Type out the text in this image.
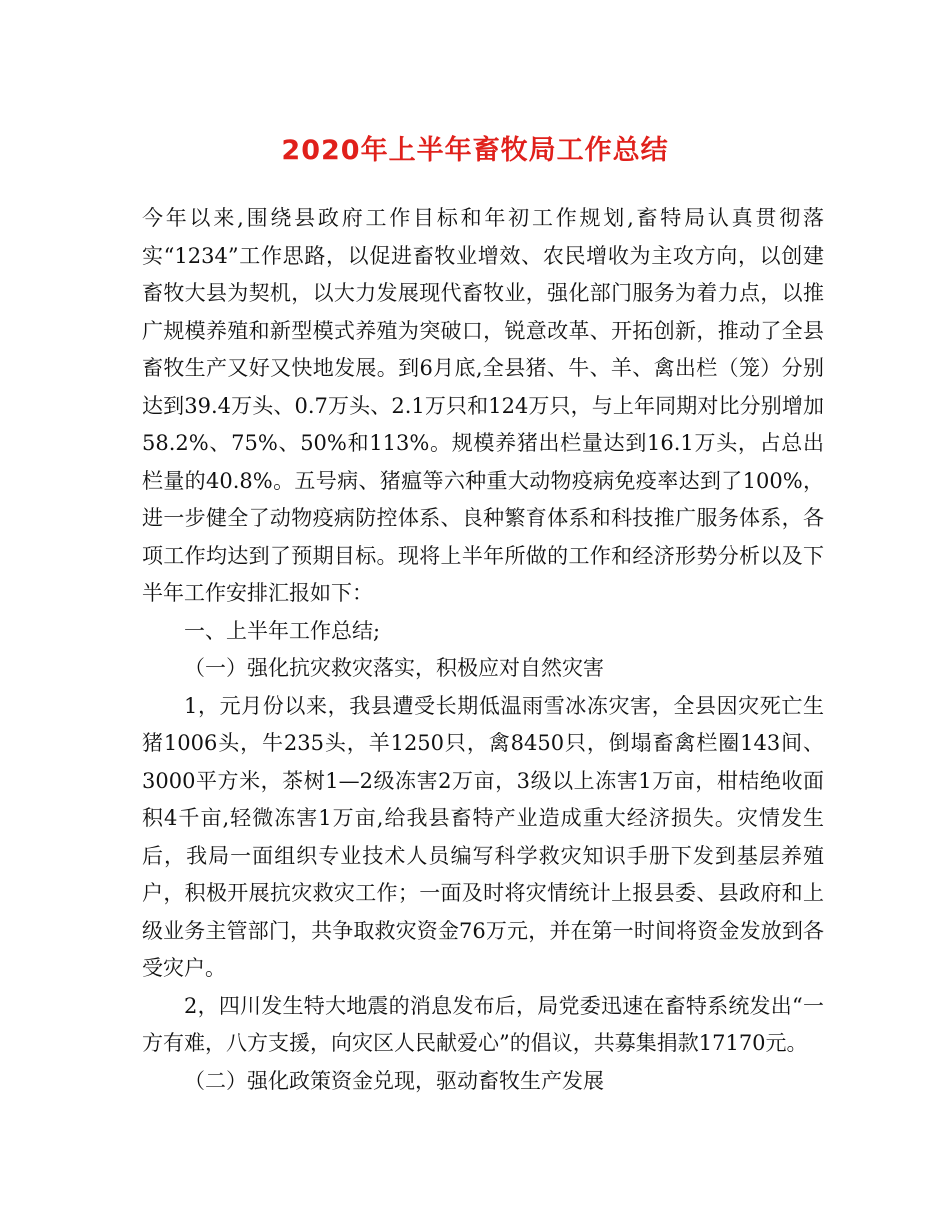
2020年上半年畜牧局工作总结

今年以来,围绕县政府工作目标和年初工作规划,畜特局认真贯彻落实“1234”工作思路，以促进畜牧业增效、农民增收为主攻方向，以创建畜牧大县为契机，以大力发展现代畜牧业，强化部门服务为着力点，以推广规模养殖和新型模式养殖为突破口，锐意改革、开拓创新，推动了全县畜牧生产又好又快地发展。到6月底,全县猪、牛、羊、禽出栏（笼）分别达到39.4万头、0.7万头、2.1万只和124万只，与上年同期对比分别增加58.2%、75%、50%和113%。规模养猪出栏量达到16.1万头，占总出栏量的40.8%。五号病、猪瘟等六种重大动物疫病免疫率达到了100%，进一步健全了动物疫病防控体系、良种繁育体系和科技推广服务体系，各项工作均达到了预期目标。现将上半年所做的工作和经济形势分析以及下半年工作安排汇报如下：

一、上半年工作总结;

（一）强化抗灾救灾落实，积极应对自然灾害

1，元月份以来，我县遭受长期低温雨雪冰冻灾害，全县因灾死亡生猪1006头，牛235头，羊1250只，禽8450只，倒塌畜禽栏圈143间、3000平方米，茶树1—2级冻害2万亩，3级以上冻害1万亩，柑桔绝收面积4千亩,轻微冻害1万亩,给我县畜特产业造成重大经济损失。灾情发生后，我局一面组织专业技术人员编写科学救灾知识手册下发到基层养殖户，积极开展抗灾救灾工作；一面及时将灾情统计上报县委、县政府和上级业务主管部门，共争取救灾资金76万元，并在第一时间将资金发放到各受灾户。

2，四川发生特大地震的消息发布后，局党委迅速在畜特系统发出“一方有难，八方支援，向灾区人民献爱心”的倡议，共募集捐款17170元。

（二）强化政策资金兑现，驱动畜牧生产发展
